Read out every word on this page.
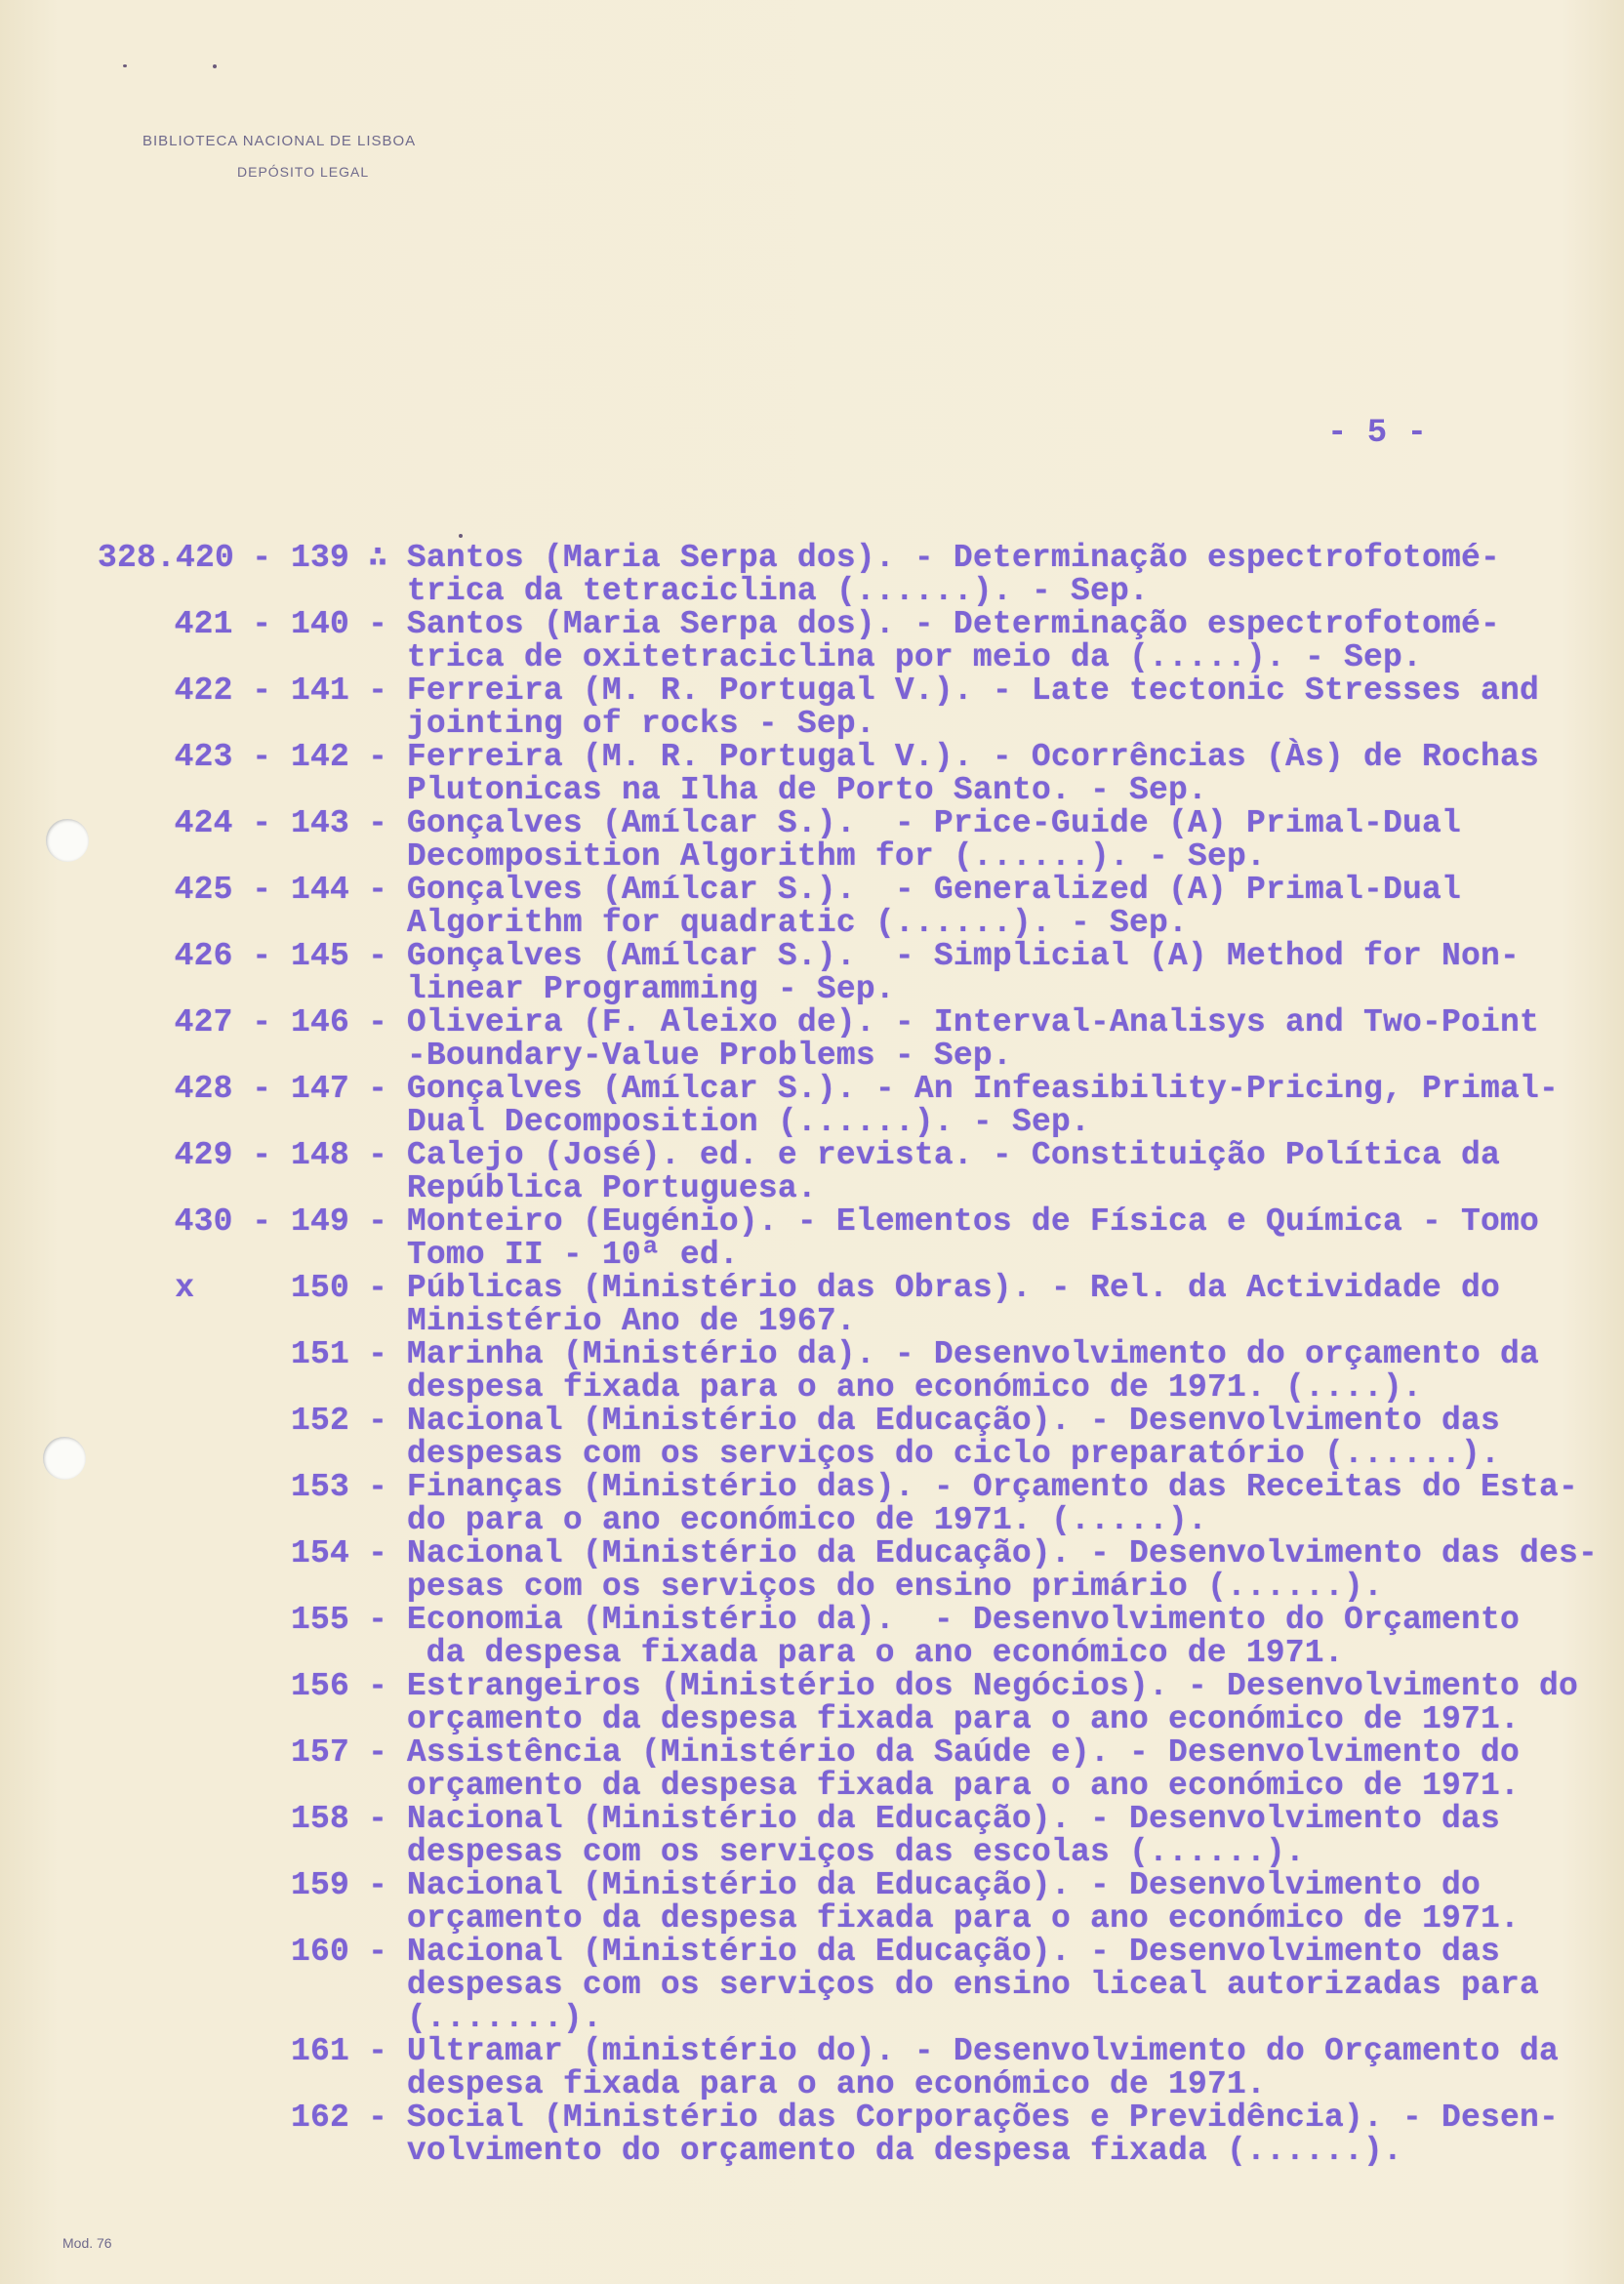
BIBLIOTECA NACIONAL DE LISBOA
DEPÓSITO LEGAL
- 5 -
328.420 - 139 ∴ Santos (Maria Serpa dos). - Determinação espectrofotomé-
trica da tetraciclina (......). - Sep.
421 - 140 - Santos (Maria Serpa dos). - Determinação espectrofotomé-
trica de oxitetraciclina por meio da (.....). - Sep.
422 - 141 - Ferreira (M. R. Portugal V.). - Late tectonic Stresses and
jointing of rocks - Sep.
423 - 142 - Ferreira (M. R. Portugal V.). - Ocorrências (Às) de Rochas
Plutonicas na Ilha de Porto Santo. - Sep.
424 - 143 - Gonçalves (Amílcar S.).  - Price-Guide (A) Primal-Dual
Decomposition Algorithm for (......). - Sep.
425 - 144 - Gonçalves (Amílcar S.).  - Generalized (A) Primal-Dual
Algorithm for quadratic (......). - Sep.
426 - 145 - Gonçalves (Amílcar S.).  - Simplicial (A) Method for Non-
linear Programming - Sep.
427 - 146 - Oliveira (F. Aleixo de). - Interval-Analisys and Two-Point
-Boundary-Value Problems - Sep.
428 - 147 - Gonçalves (Amílcar S.). - An Infeasibility-Pricing, Primal-
Dual Decomposition (......). - Sep.
429 - 148 - Calejo (José). ed. e revista. - Constituição Política da
República Portuguesa.
430 - 149 - Monteiro (Eugénio). - Elementos de Física e Química - Tomo
Tomo II - 10ª ed.
x	150 - Públicas (Ministério das Obras). - Rel. da Actividade do
Ministério Ano de 1967.
151 - Marinha (Ministério da). - Desenvolvimento do orçamento da
despesa fixada para o ano económico de 1971. (....).
152 - Nacional (Ministério da Educação). - Desenvolvimento das
despesas com os serviços do ciclo preparatório (......).
153 - Finanças (Ministério das). - Orçamento das Receitas do Esta-
do para o ano económico de 1971. (.....).
154 - Nacional (Ministério da Educação). - Desenvolvimento das des-
pesas com os serviços do ensino primário (......).
155 - Economia (Ministério da).  - Desenvolvimento do Orçamento
da despesa fixada para o ano económico de 1971.
156 - Estrangeiros (Ministério dos Negócios). - Desenvolvimento do
orçamento da despesa fixada para o ano económico de 1971.
157 - Assistência (Ministério da Saúde e). - Desenvolvimento do
orçamento da despesa fixada para o ano económico de 1971.
158 - Nacional (Ministério da Educação). - Desenvolvimento das
despesas com os serviços das escolas (......).
159 - Nacional (Ministério da Educação). - Desenvolvimento do
orçamento da despesa fixada para o ano económico de 1971.
160 - Nacional (Ministério da Educação). - Desenvolvimento das
despesas com os serviços do ensino liceal autorizadas para
(.......).
161 - Ultramar (ministério do). - Desenvolvimento do Orçamento da
despesa fixada para o ano económico de 1971.
162 - Social (Ministério das Corporações e Previdência). - Desen-
volvimento do orçamento da despesa fixada (......).
Mod. 76
